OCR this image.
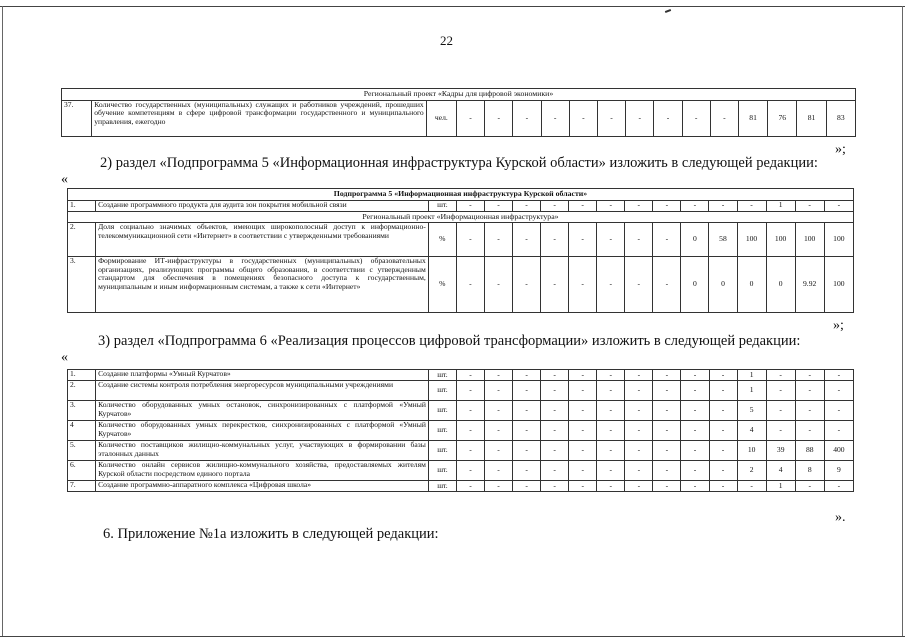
22
Региональный проект «Кадры для цифровой экономики»
37.	Количество государственных (муниципальных) служащих и работников учреждений, прошедших обучение компетенциям в сфере цифровой трансформации государственного и муниципального управления, ежегодно	чел.	-	-	-	-	-	-	-	-	-	-	81	76	81	83
»;
2) раздел «Подпрограмма 5 «Информационная инфраструктура Курской области» изложить в следующей редакции:
«
Подпрограмма 5 «Информационная инфраструктура Курской области»																
1.	Создание программного продукта для аудита зон покрытия мобильной связи	шт.	-	-	-	-	-	-	-	-	-	-	-	1	-	-
Региональный проект «Информационная инфраструктура»																
2.	Доля социально значимых объектов, имеющих широкополосный доступ к информационно-телекоммуникационной сети «Интернет» в соответствии с утвержденными требованиями	%	-	-	-	-	-	-	-	-	0	58	100	100	100	100
3.	Формирование ИТ-инфраструктуры в государственных (муниципальных) образовательных организациях, реализующих программы общего образования, в соответствии с утвержденным стандартом для обеспечения в помещениях безопасного доступа к государственным, муниципальным и иным информационным системам, а также к сети «Интернет»	%	-	-	-	-	-	-	-	-	0	0	0	0	9.92	100
»;
3) раздел «Подпрограмма 6 «Реализация процессов цифровой трансформации» изложить в следующей редакции:
«
1.	Создание платформы «Умный Курчатов»	шт.	-	-	-	-	-	-	-	-	-	-	1	-	-	-
2.	Создание системы контроля потребления энергоресурсов муниципальными учреждениями	шт.	-	-	-	-	-	-	-	-	-	-	1	-	-	-
3.	Количество оборудованных умных остановок, синхронизированных с платформой «Умный Курчатов»	шт.	-	-	-	-	-	-	-	-	-	-	5	-	-	-
4	Количество оборудованных умных перекрестков, синхронизированных с платформой «Умный Курчатов»	шт.	-	-	-	-	-	-	-	-	-	-	4	-	-	-
5.	Количество поставщиков жилищно-коммунальных услуг, участвующих в формировании базы эталонных данных	шт.	-	-	-	-	-	-	-	-	-	-	10	39	88	400
6.	Количество онлайн сервисов жилищно-коммунального хозяйства, предоставляемых жителям Курской области посредством единого портала	шт.	-	-	-	-	-	-	-	-	-	-	2	4	8	9
7.	Создание программно-аппаратного комплекса «Цифровая школа»	шт.	-	-	-	-	-	-	-	-	-	-	-	1	-	-
».
6. Приложение №1а изложить в следующей редакции:
